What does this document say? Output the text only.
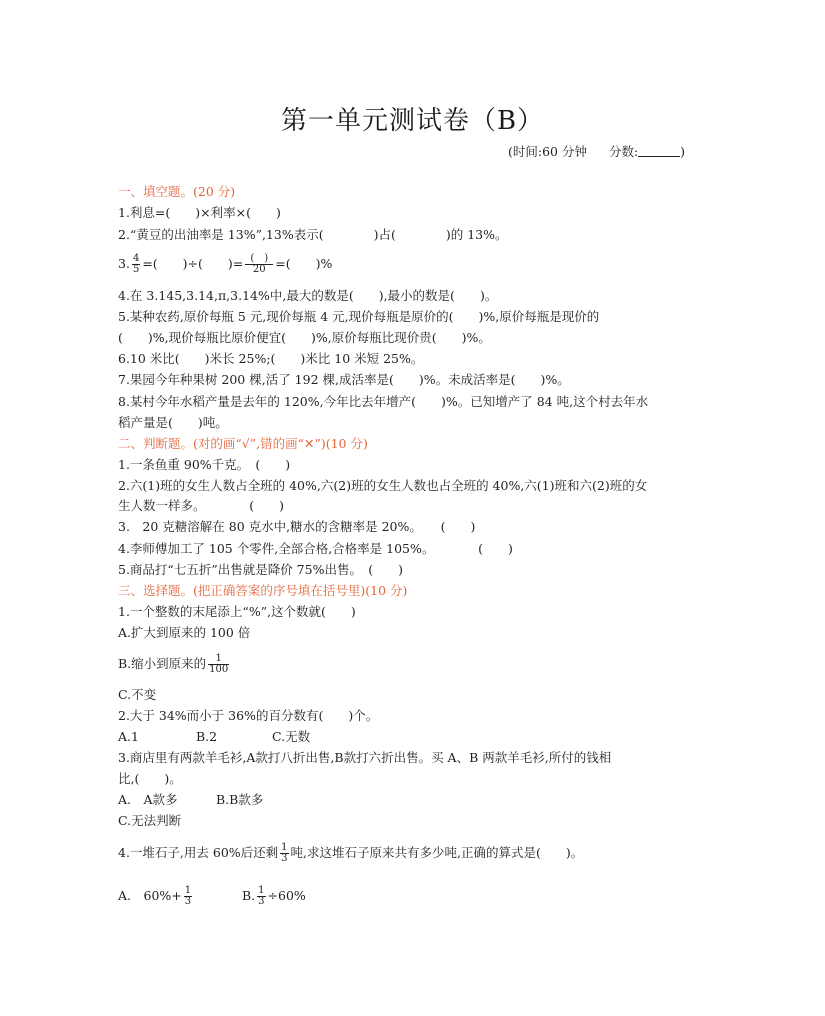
第一单元测试卷（B）
(时间:60 分钟 分数:	)
一、填空题。(20 分)
1.利息=(　　)×利率×(　　)
2.“黄豆的出油率是 13%”,13%表示(　　　　)占(　　　　)的 13%。
3. $\frac{4}{5}$ =(　　)÷(　　)= $\frac{( )}{20}$ =(　　)%
4.在 3.145,3.14,π,3.14%中,最大的数是(　　),最小的数是(　　)。
5.某种农药,原价每瓶 5 元,现价每瓶 4 元,现价每瓶是原价的(　　)%,原价每瓶是现价的
(　　)%,现价每瓶比原价便宜(　　)%,原价每瓶比现价贵(　　)%。
6.10 米比(　　)米长 25%;(　　)米比 10 米短 25%。
7.果园今年种果树 200 棵,活了 192 棵,成活率是(　　)%。未成活率是(　　)%。
8.某村今年水稻产量是去年的 120%,今年比去年增产(　　)%。已知增产了 84 吨,这个村去年水
稻产量是(　　)吨。
二、判断题。(对的画“√”,错的画“✕”)(10 分)
1.一条鱼重 90%千克。　(　　)
2.六(1)班的女生人数占全班的 40%,六(2)班的女生人数也占全班的 40%,六(1)班和六(2)班的女
生人数一样多。　　　　(　　)
3.　20 克糖溶解在 80 克水中,糖水的含糖率是 20%。　　(　　)
4.李师傅加工了 105 个零件,全部合格,合格率是 105%。　　　　(　　)
5.商品打“七五折”出售就是降价 75%出售。　(　　)
三、选择题。(把正确答案的序号填在括号里)(10 分)
1.一个整数的末尾添上“%”,这个数就(　　)
A.扩大到原来的 100 倍
B.缩小到原来的 $\frac{1}{100}$
C.不变
2.大于 34%而小于 36%的百分数有(　　)个。
A.1	B.2	C.无数
3.商店里有两款羊毛衫,A款打八折出售,B款打六折出售。买 A、B 两款羊毛衫,所付的钱相
比,(　　)。
A.　A款多	B.B款多
C.无法判断
4.一堆石子,用去 60%后还剩 $\frac{1}{3}$ 吨,求这堆石子原来共有多少吨,正确的算式是(　　)。
A.　$60\%+ \frac{1}{3}$	B. $\frac{1}{3} \div 60\%$
